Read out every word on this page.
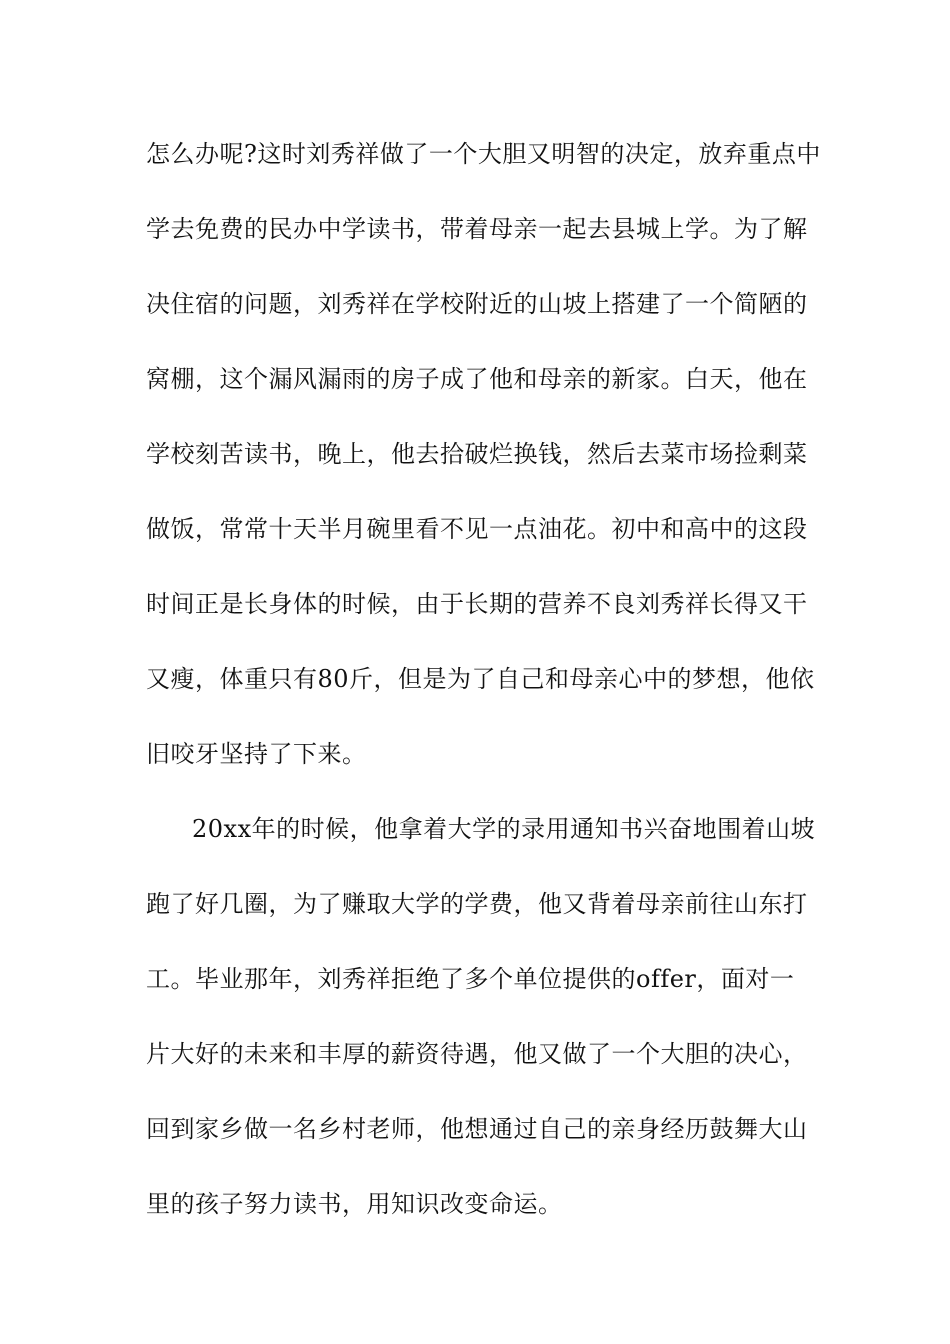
怎么办呢?这时刘秀祥做了一个大胆又明智的决定，放弃重点中
学去免费的民办中学读书，带着母亲一起去县城上学。为了解
决住宿的问题，刘秀祥在学校附近的山坡上搭建了一个简陋的
窝棚，这个漏风漏雨的房子成了他和母亲的新家。白天，他在
学校刻苦读书，晚上，他去拾破烂换钱，然后去菜市场捡剩菜
做饭，常常十天半月碗里看不见一点油花。初中和高中的这段
时间正是长身体的时候，由于长期的营养不良刘秀祥长得又干
又瘦，体重只有80斤，但是为了自己和母亲心中的梦想，他依
旧咬牙坚持了下来。
20xx年的时候，他拿着大学的录用通知书兴奋地围着山坡
跑了好几圈，为了赚取大学的学费，他又背着母亲前往山东打
工。毕业那年，刘秀祥拒绝了多个单位提供的offer，面对一
片大好的未来和丰厚的薪资待遇，他又做了一个大胆的决心，
回到家乡做一名乡村老师，他想通过自己的亲身经历鼓舞大山
里的孩子努力读书，用知识改变命运。
